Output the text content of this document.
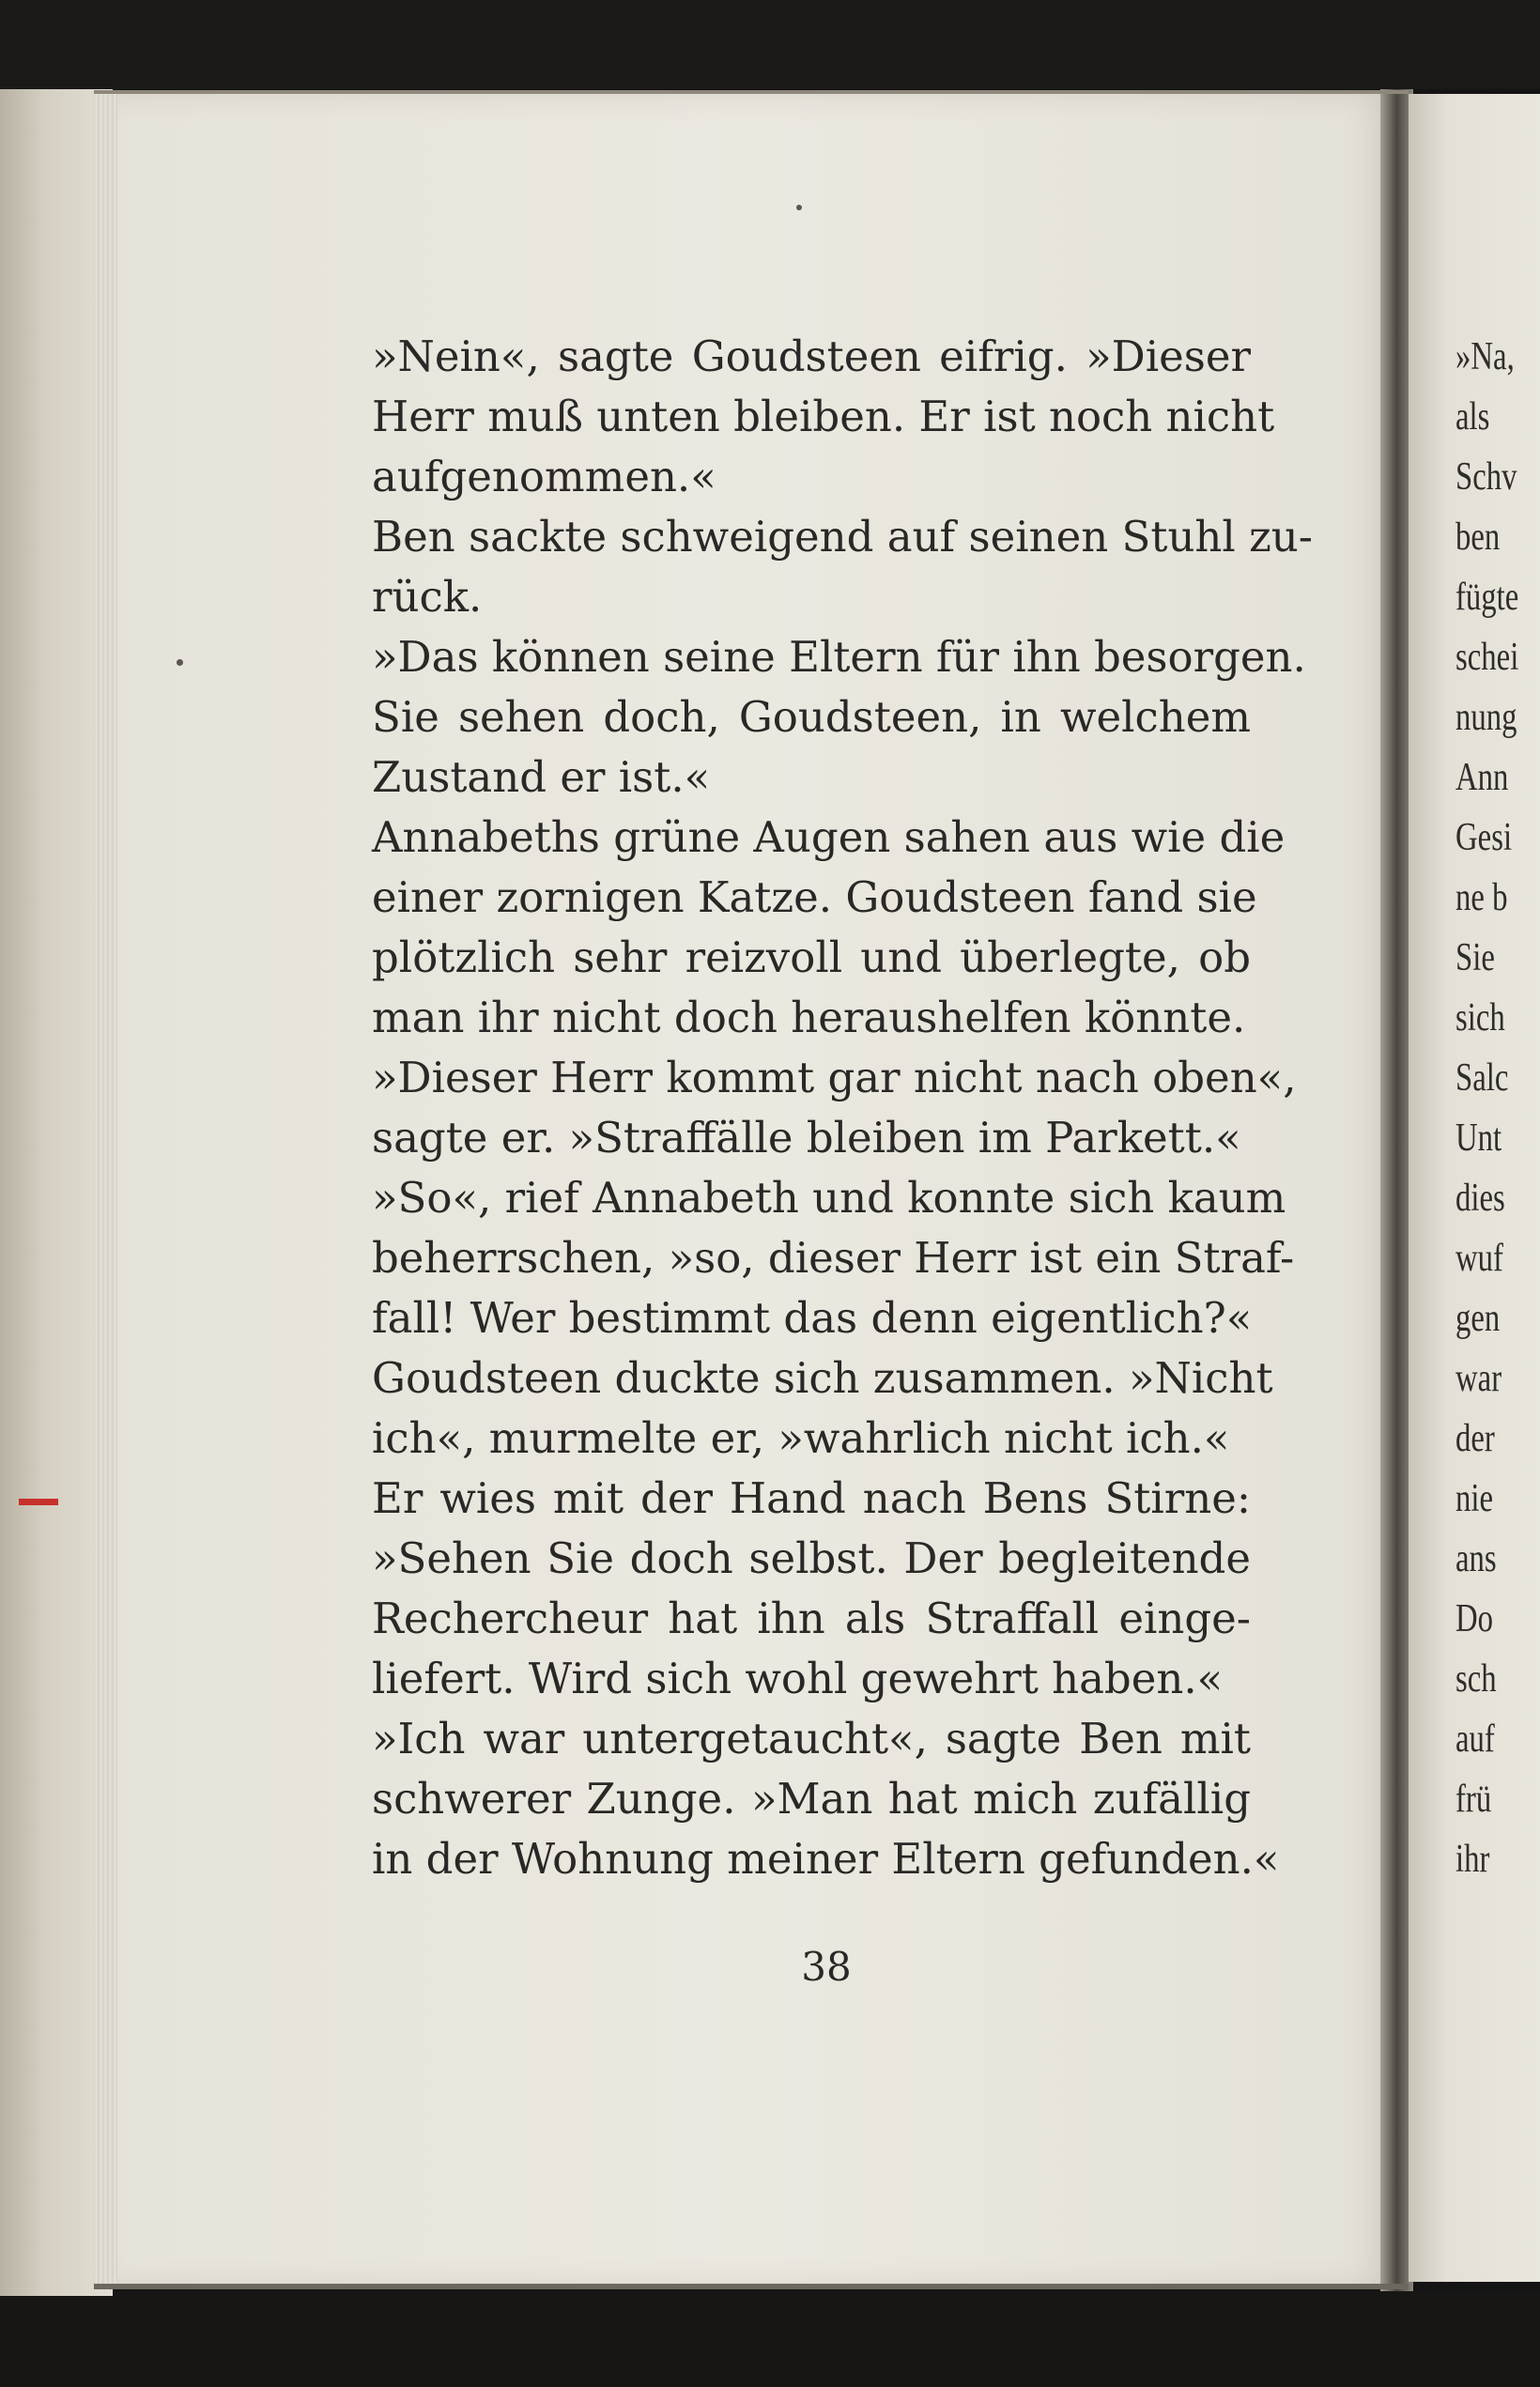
»Nein«, sagte Goudsteen eifrig. »Dieser
Herr muß unten bleiben. Er ist noch nicht
aufgenommen.«
Ben sackte schweigend auf seinen Stuhl zu-
rück.
»Das können seine Eltern für ihn besorgen.
Sie sehen doch, Goudsteen, in welchem
Zustand er ist.«
Annabeths grüne Augen sahen aus wie die
einer zornigen Katze. Goudsteen fand sie
plötzlich sehr reizvoll und überlegte, ob
man ihr nicht doch heraushelfen könnte.
»Dieser Herr kommt gar nicht nach oben«,
sagte er. »Straffälle bleiben im Parkett.«
»So«, rief Annabeth und konnte sich kaum
beherrschen, »so, dieser Herr ist ein Straf-
fall! Wer bestimmt das denn eigentlich?«
Goudsteen duckte sich zusammen. »Nicht
ich«, murmelte er, »wahrlich nicht ich.«
Er wies mit der Hand nach Bens Stirne:
»Sehen Sie doch selbst. Der begleitende
Rechercheur hat ihn als Straffall einge-
liefert. Wird sich wohl gewehrt haben.«
»Ich war untergetaucht«, sagte Ben mit
schwerer Zunge. »Man hat mich zufällig
in der Wohnung meiner Eltern gefunden.«
38
»Na,
als
Schv
ben
fügte
schei
nung
Ann
Gesi
ne b
Sie
sich
Salc
Unt
dies
wuf
gen
war
der
nie
ans
Do
sch
auf
frü
ihr
